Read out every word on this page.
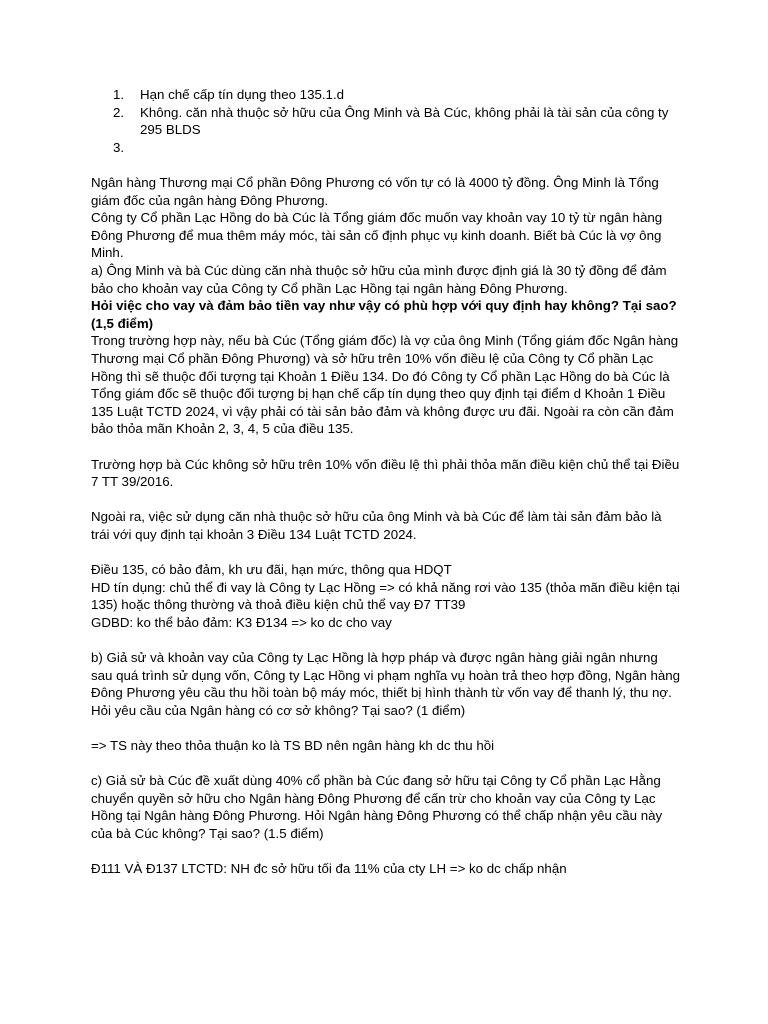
1.	Hạn chế cấp tín dụng theo 135.1.d
2.	Không. căn nhà thuộc sở hữu của Ông Minh và Bà Cúc, không phải là tài sản của công ty 295 BLDS
3.

Ngân hàng Thương mại Cổ phần Đông Phương có vốn tự có là 4000 tỷ đồng. Ông Minh là Tổng giám đốc của ngân hàng Đông Phương.

Công ty Cổ phần Lạc Hồng do bà Cúc là Tổng giám đốc muốn vay khoản vay 10 tỷ từ ngân hàng Đông Phương để mua thêm máy móc, tài sản cố định phục vụ kinh doanh. Biết bà Cúc là vợ ông Minh.

a) Ông Minh và bà Cúc dùng căn nhà thuộc sở hữu của mình được định giá là 30 tỷ đồng để đảm bảo cho khoản vay của Công ty Cổ phần Lạc Hồng tại ngân hàng Đông Phương.

Hỏi việc cho vay và đảm bảo tiền vay như vậy có phù hợp với quy định hay không? Tại sao? (1,5 điểm)

Trong trường hợp này, nếu bà Cúc (Tổng giám đốc) là vợ của ông Minh (Tổng giám đốc Ngân hàng Thương mại Cổ phần Đông Phương) và sở hữu trên 10% vốn điều lệ của Công ty Cổ phần Lạc Hồng thì sẽ thuộc đối tượng tại Khoản 1 Điều 134. Do đó Công ty Cổ phần Lạc Hồng do bà Cúc là Tổng giám đốc sẽ thuộc đối tượng bị hạn chế cấp tín dụng theo quy định tại điểm d Khoản 1 Điều 135 Luật TCTD 2024, vì vậy phải có tài sản bảo đảm và không được ưu đãi. Ngoài ra còn cần đảm bảo thỏa mãn Khoản 2, 3, 4, 5 của điều 135.

Trường hợp bà Cúc không sở hữu trên 10% vốn điều lệ thì phải thỏa mãn điều kiện chủ thể tại Điều 7 TT 39/2016.

Ngoài ra, việc sử dụng căn nhà thuộc sở hữu của ông Minh và bà Cúc để làm tài sản đảm bảo là trái với quy định tại khoản 3 Điều 134 Luật TCTD 2024.

Điều 135, có bảo đảm, kh ưu đãi, hạn mức, thông qua HDQT

HD tín dụng: chủ thể đi vay là Công ty Lạc Hồng => có khả năng rơi vào 135 (thỏa mãn điều kiện tại 135) hoặc thông thường và thoả điều kiện chủ thể vay Đ7 TT39

GDBD: ko thể bảo đảm: K3 Đ134 => ko dc cho vay

b) Giả sử và khoản vay của Công ty Lạc Hồng là hợp pháp và được ngân hàng giải ngân nhưng sau quá trình sử dụng vốn, Công ty Lạc Hồng vi phạm nghĩa vụ hoàn trả theo hợp đồng, Ngân hàng Đông Phương yêu cầu thu hồi toàn bộ máy móc, thiết bị hình thành từ vốn vay để thanh lý, thu nợ. Hỏi yêu cầu của Ngân hàng có cơ sở không? Tại sao? (1 điểm)

=> TS này theo thỏa thuận ko là TS BD nên ngân hàng kh dc thu hồi

c) Giả sử bà Cúc đề xuất dùng 40% cổ phần bà Cúc đang sở hữu tại Công ty Cổ phần Lạc Hằng chuyển quyền sở hữu cho Ngân hàng Đông Phương để cấn trừ cho khoản vay của Công ty Lạc Hồng tại Ngân hàng Đông Phương. Hỏi Ngân hàng Đông Phương có thể chấp nhận yêu cầu này của bà Cúc không? Tại sao? (1.5 điểm)

Đ111 VÀ Đ137 LTCTD: NH đc sở hữu tối đa 11% của cty LH => ko dc chấp nhận
